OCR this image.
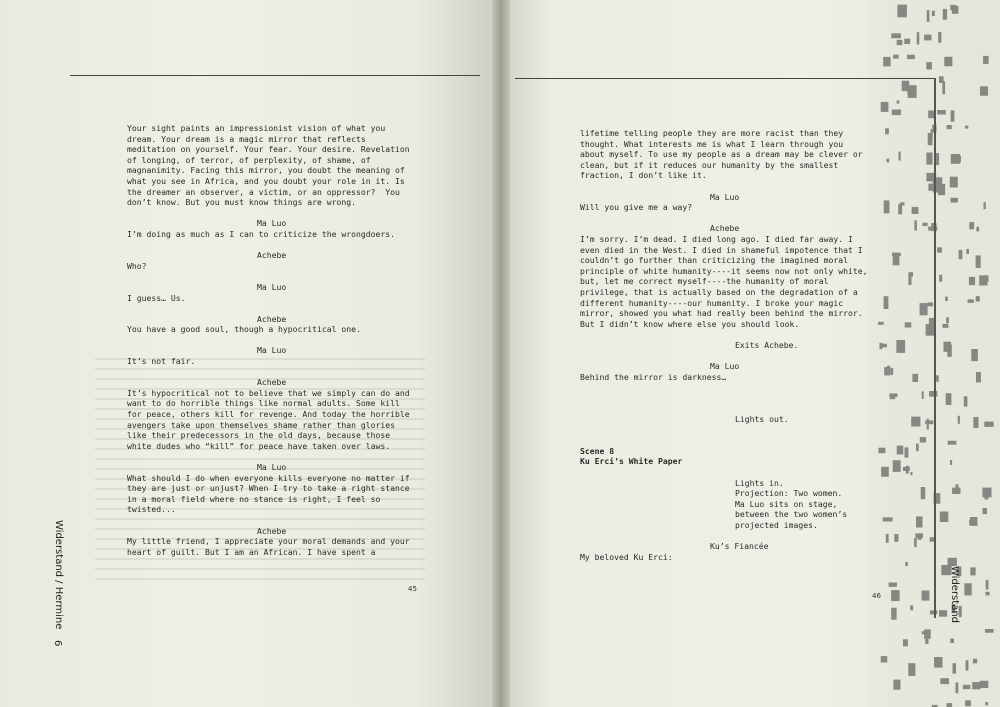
Your sight paints an impressionist vision of what you
dream. Your dream is a magic mirror that reflects
meditation on yourself. Your fear. Your desire. Revelation
of longing, of terror, of perplexity, of shame, of
magnanimity. Facing this mirror, you doubt the meaning of
what you see in Africa, and you doubt your role in it. Is
the dreamer an observer, a victim, or an oppressor?  You
don’t know. But you must know things are wrong.
Ma Luo
I’m doing as much as I can to criticize the wrongdoers.
Achebe
Who?
Ma Luo
I guess… Us.
Achebe
You have a good soul, though a hypocritical one.
Ma Luo
It’s not fair.
Achebe
It’s hypocritical not to believe that we simply can do and
want to do horrible things like normal adults. Some kill
for peace, others kill for revenge. And today the horrible
avengers take upon themselves shame rather than glories
like their predecessors in the old days, because those
white dudes who “kill” for peace have taken over laws.
Ma Luo
What should I do when everyone kills everyone no matter if
they are just or unjust? When I try to take a right stance
in a moral field where no stance is right, I feel so
twisted...
Achebe
My little friend, I appreciate your moral demands and your
heart of guilt. But I am an African. I have spent a
lifetime telling people they are more racist than they
thought. What interests me is what I learn through you
about myself. To use my people as a dream may be clever or
clean, but if it reduces our humanity by the smallest
fraction, I don’t like it.
Ma Luo
Will you give me a way?
Achebe
I’m sorry. I’m dead. I died long ago. I died far away. I
even died in the West. I died in shameful impotence that I
couldn’t go further than criticizing the imagined moral
principle of white humanity----it seems now not only white,
but, let me correct myself----the humanity of moral
privilege, that is actually based on the degradation of a
different humanity----our humanity. I broke your magic
mirror, showed you what had really been behind the mirror.
But I didn’t know where else you should look.
Exits Achebe.
Ma Luo
Behind the mirror is darkness…
Lights out.
Scene 8
Ku Erci’s White Paper
Lights in.
Projection: Two women.
Ma Luo sits on stage,
between the two women’s
projected images.
Ku’s Fiancée
My beloved Ku Erci:
45
46
Widerstand / Hermine
6
Widerstand
